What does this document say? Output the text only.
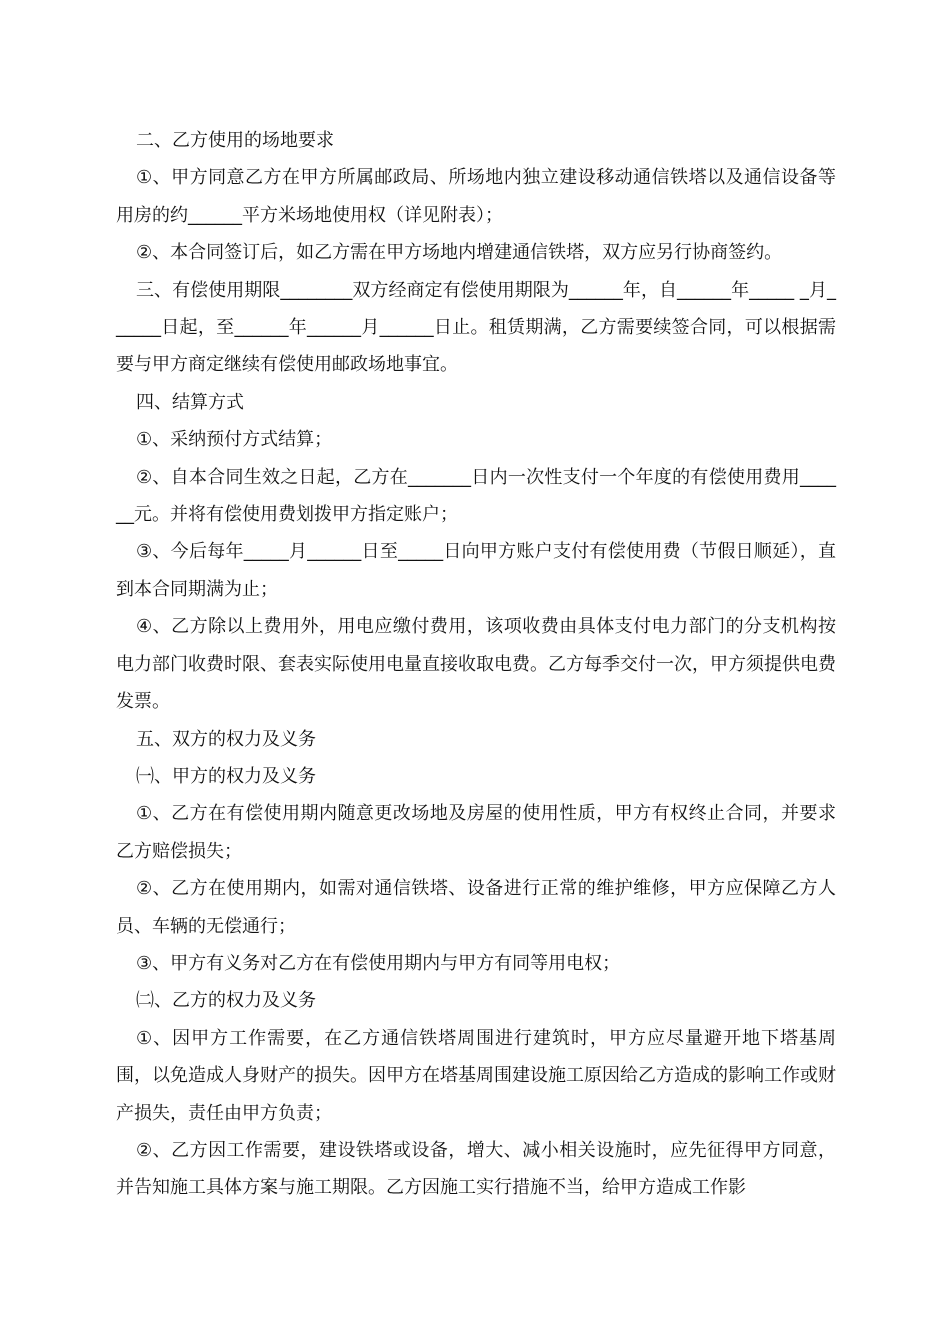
二、乙方使用的场地要求

①、甲方同意乙方在甲方所属邮政局、所场地内独立建设移动通信铁塔以及通信设备等用房的约______平方米场地使用权（详见附表）；

②、本合同签订后，如乙方需在甲方场地内增建通信铁塔，双方应另行协商签约。

三、有偿使用期限________双方经商定有偿使用期限为______年，自______年_____ _月______日起，至______年______月______日止。租赁期满，乙方需要续签合同，可以根据需要与甲方商定继续有偿使用邮政场地事宜。

四、结算方式

①、采纳预付方式结算；

②、自本合同生效之日起，乙方在_______日内一次性支付一个年度的有偿使用费用______元。并将有偿使用费划拨甲方指定账户；

③、今后每年_____月______日至_____日向甲方账户支付有偿使用费（节假日顺延），直到本合同期满为止；

④、乙方除以上费用外，用电应缴付费用，该项收费由具体支付电力部门的分支机构按电力部门收费时限、套表实际使用电量直接收取电费。乙方每季交付一次，甲方须提供电费发票。

五、双方的权力及义务

㈠、甲方的权力及义务

①、乙方在有偿使用期内随意更改场地及房屋的使用性质，甲方有权终止合同，并要求乙方赔偿损失；

②、乙方在使用期内，如需对通信铁塔、设备进行正常的维护维修，甲方应保障乙方人员、车辆的无偿通行；

③、甲方有义务对乙方在有偿使用期内与甲方有同等用电权；

㈡、乙方的权力及义务

①、因甲方工作需要，在乙方通信铁塔周围进行建筑时，甲方应尽量避开地下塔基周围，以免造成人身财产的损失。因甲方在塔基周围建设施工原因给乙方造成的影响工作或财产损失，责任由甲方负责；

②、乙方因工作需要，建设铁塔或设备，增大、减小相关设施时，应先征得甲方同意，并告知施工具体方案与施工期限。乙方因施工实行措施不当，给甲方造成工作影
